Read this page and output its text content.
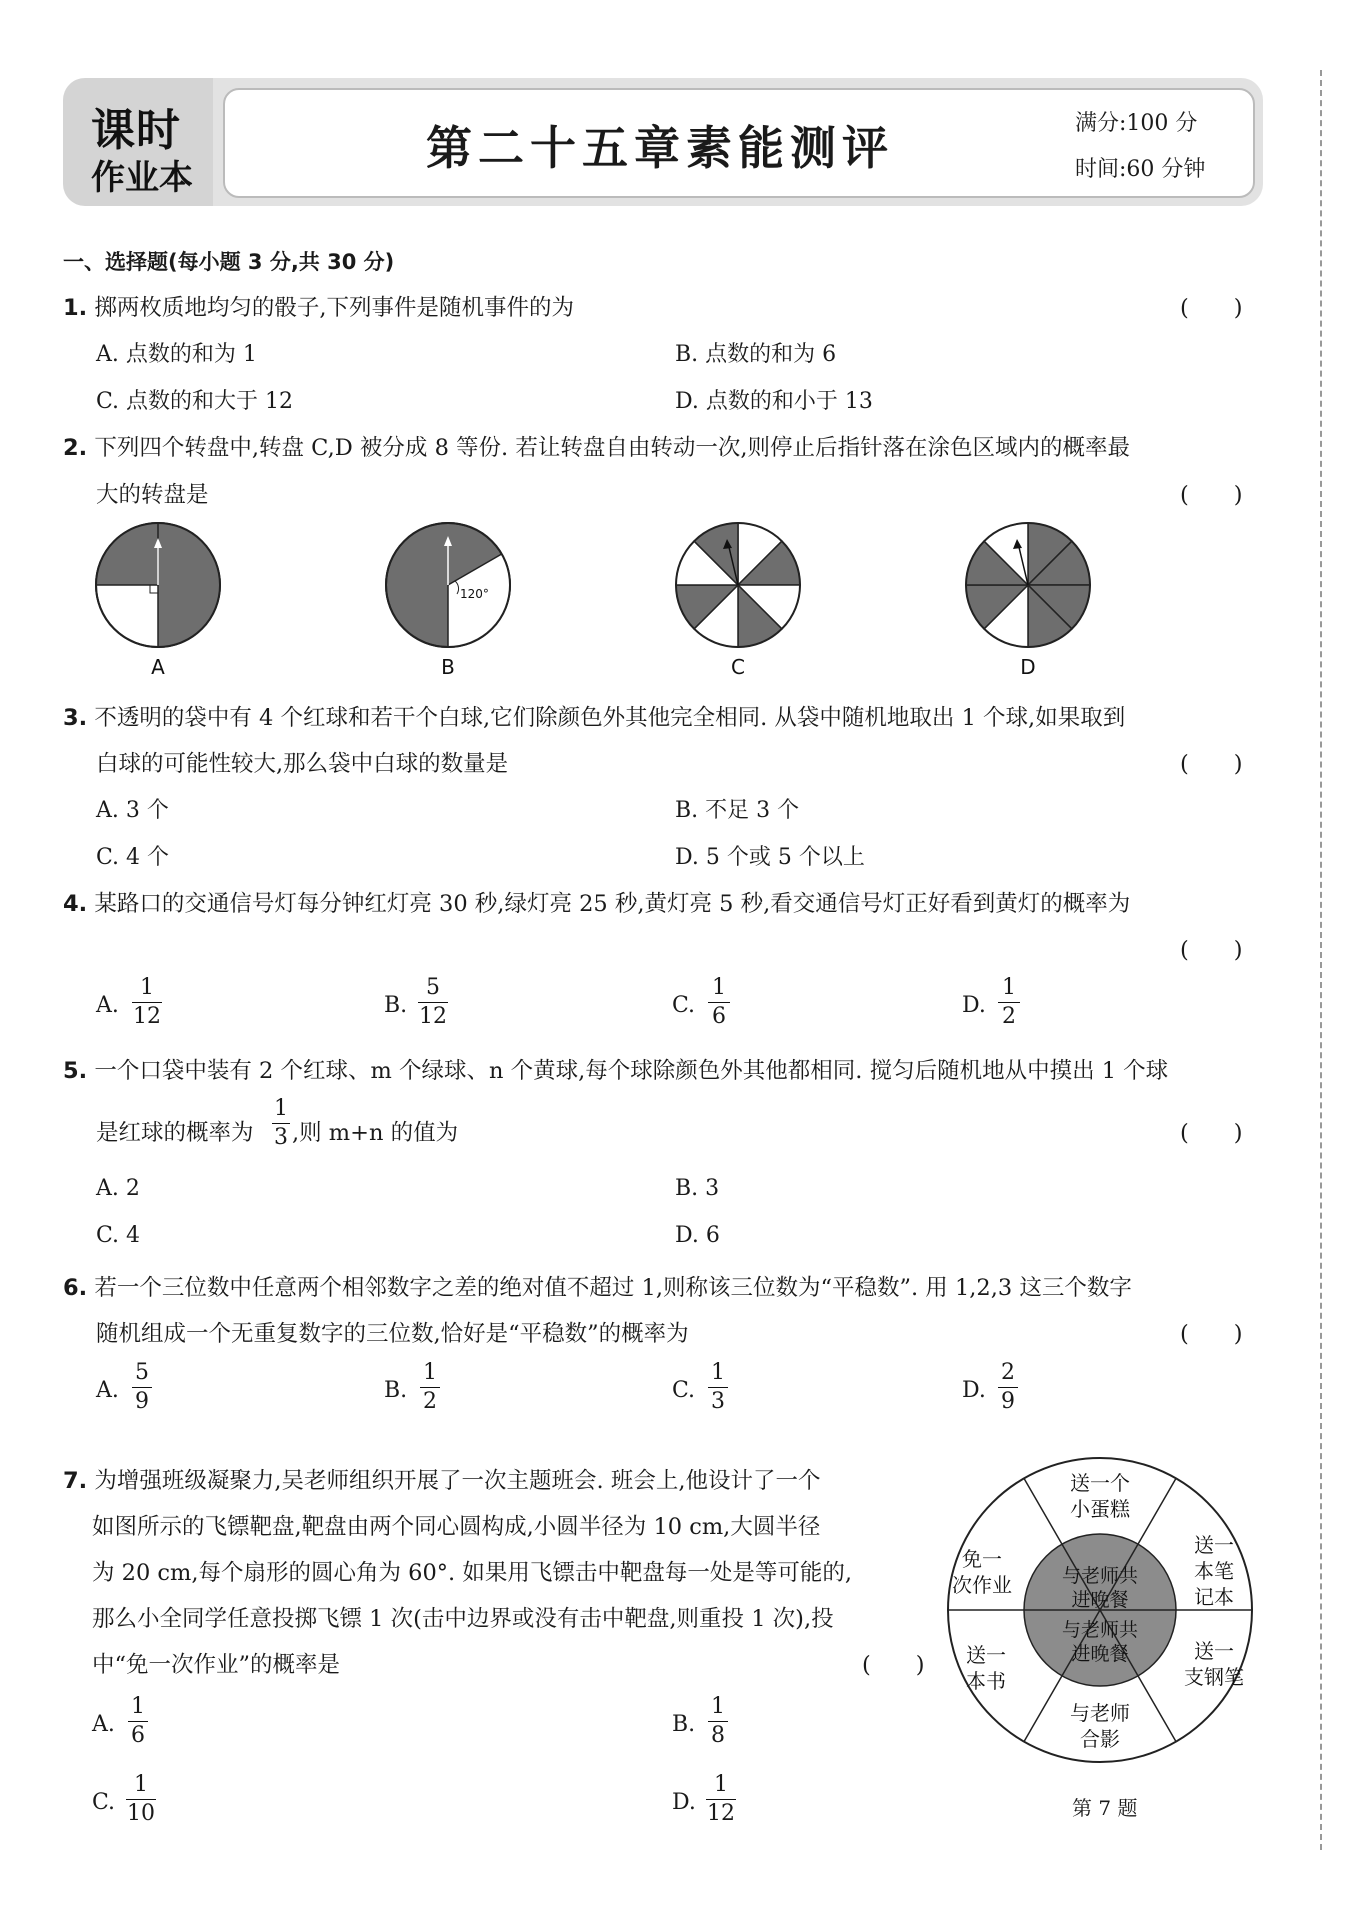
课时
作业本
第二十五章素能测评	满分:100 分
时间:60 分钟
一、选择题(每小题 3 分,共 30 分)
1. 掷两枚质地均匀的骰子,下列事件是随机事件的为	(　　)
A. 点数的和为 1	B. 点数的和为 6
C. 点数的和大于 12	D. 点数的和小于 13
2. 下列四个转盘中,转盘 C,D 被分成 8 等份. 若让转盘自由转动一次,则停止后指针落在涂色区域内的概率最
大的转盘是	(　　)
A
120°
B	C	D
3. 不透明的袋中有 4 个红球和若干个白球,它们除颜色外其他完全相同. 从袋中随机地取出 1 个球,如果取到
白球的可能性较大,那么袋中白球的数量是	(　　)
A. 3 个	B. 不足 3 个
C. 4 个	D. 5 个或 5 个以上
4. 某路口的交通信号灯每分钟红灯亮 30 秒,绿灯亮 25 秒,黄灯亮 5 秒,看交通信号灯正好看到黄灯的概率为
(　　)
A.
1
12	B.
5
12	C.
1
6	D.
1
2
5. 一个口袋中装有 2 个红球、m 个绿球、n 个黄球,每个球除颜色外其他都相同. 搅匀后随机地从中摸出 1 个球
是红球的概率为
1
3 ,则 m+n 的值为	(　　)
A. 2	B. 3
C. 4	D. 6
6. 若一个三位数中任意两个相邻数字之差的绝对值不超过 1,则称该三位数为“平稳数”. 用 1,2,3 这三个数字
随机组成一个无重复数字的三位数,恰好是“平稳数”的概率为	(　　)
A.
5
9	B.
1
2	C.
1
3	D.
2
9
7. 为增强班级凝聚力,吴老师组织开展了一次主题班会. 班会上,他设计了一个
如图所示的飞镖靶盘,靶盘由两个同心圆构成,小圆半径为 10 cm,大圆半径
为 20 cm,每个扇形的圆心角为 60°. 如果用飞镖击中靶盘每一处是等可能的,
那么小全同学任意投掷飞镖 1 次(击中边界或没有击中靶盘,则重投 1 次),投
中“免一次作业”的概率是	(　　)
A.
1
6	B.
1
8
C.
1
10	D.
1
12
送一个
小蛋糕
送一
本笔
记本
送一
支钢笔
与老师
合影
送一
本书
免一
次作业	与老师共
进晚餐
与老师共
进晚餐
第 7 题
